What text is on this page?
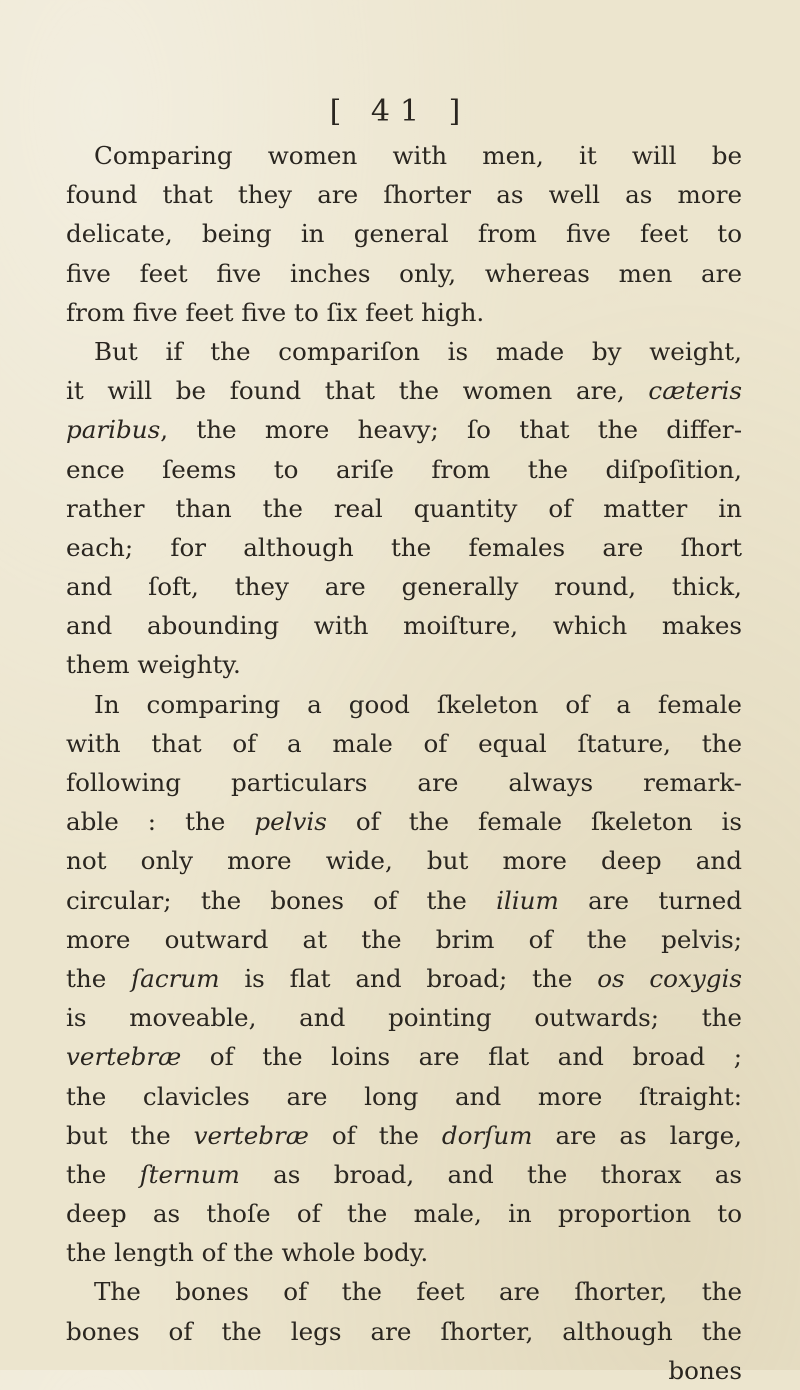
[ 41 ]
Comparing women with men, it will be
found that they are ſhorter as well as more
delicate, being in general from five feet to
five feet five inches only, whereas men are
from five feet five to ſix feet high.
But if the compariſon is made by weight,
it will be found that the women are, cæteris
paribus, the more heavy; ſo that the differ-
ence ſeems to ariſe from the diſpoſition,
rather than the real quantity of matter in
each; for although the females are ſhort
and ſoft, they are generally round, thick,
and abounding with moiſture, which makes
them weighty.
In comparing a good ſkeleton of a female
with that of a male of equal ſtature, the
following particulars are always remark-
able : the pelvis of the female ſkeleton is
not only more wide, but more deep and
circular; the bones of the ilium are turned
more outward at the brim of the pelvis;
the ſacrum is flat and broad; the os coxygis
is moveable, and pointing outwards; the
vertebræ of the loins are flat and broad ;
the clavicles are long and more ſtraight:
but the vertebræ of the dorſum are as large,
the ſternum as broad, and the thorax as
deep as thoſe of the male, in proportion to
the length of the whole body.
The bones of the feet are ſhorter, the
bones of the legs are ſhorter, although the
bones
